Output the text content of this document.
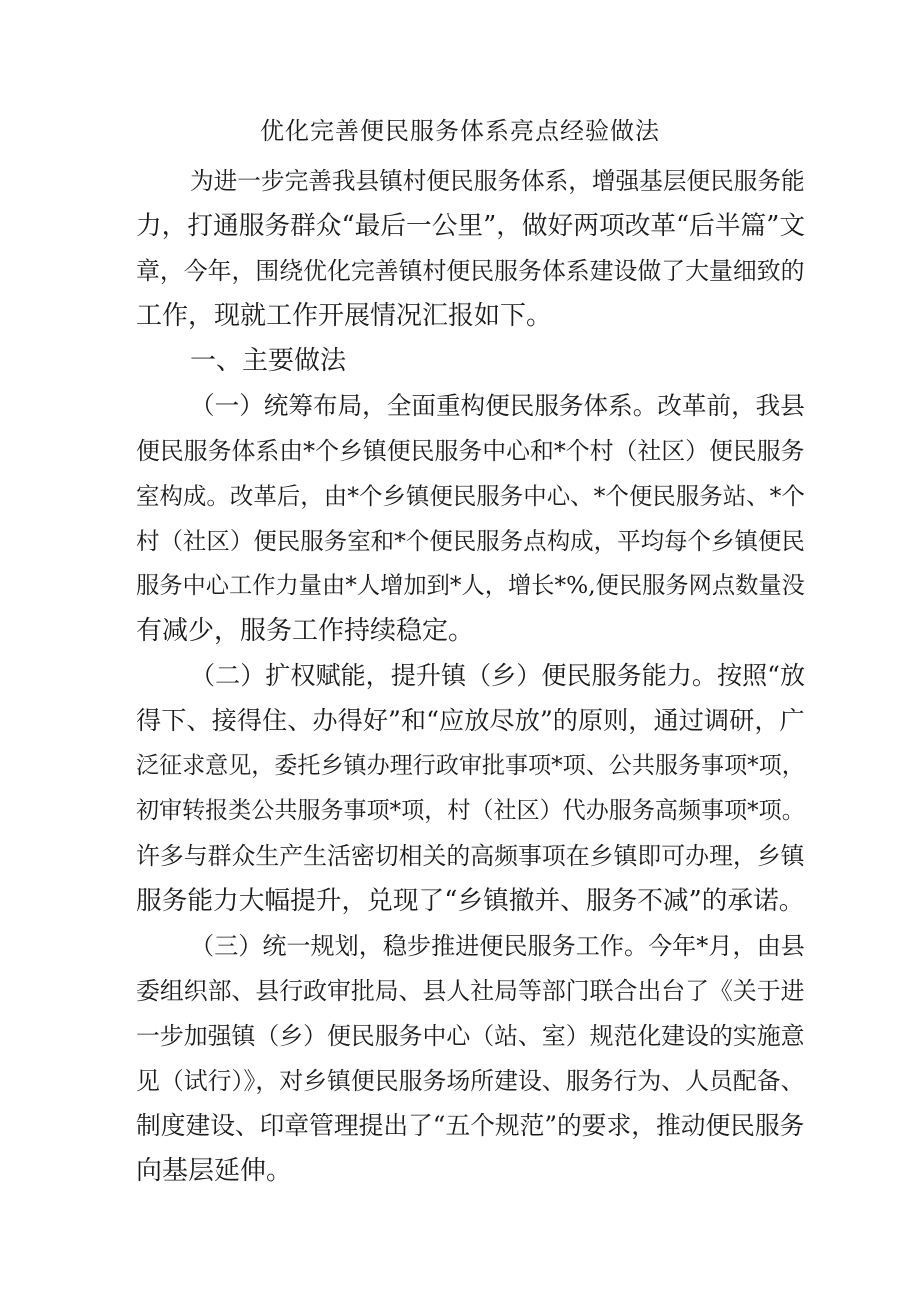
优化完善便民服务体系亮点经验做法
为进一步完善我县镇村便民服务体系，增强基层便民服务能
力，打通服务群众“最后一公里”，做好两项改革“后半篇”文
章，今年，围绕优化完善镇村便民服务体系建设做了大量细致的
工作，现就工作开展情况汇报如下。
一、主要做法
（一）统筹布局，全面重构便民服务体系。改革前，我县
便民服务体系由*个乡镇便民服务中心和*个村（社区）便民服务
室构成。改革后，由*个乡镇便民服务中心、*个便民服务站、*个
村（社区）便民服务室和*个便民服务点构成，平均每个乡镇便民
服务中心工作力量由*人增加到*人，增长*%,便民服务网点数量没
有减少，服务工作持续稳定。
（二）扩权赋能，提升镇（乡）便民服务能力。按照“放
得下、接得住、办得好”和“应放尽放”的原则，通过调研，广
泛征求意见，委托乡镇办理行政审批事项*项、公共服务事项*项，
初审转报类公共服务事项*项，村（社区）代办服务高频事项*项。
许多与群众生产生活密切相关的高频事项在乡镇即可办理，乡镇
服务能力大幅提升，兑现了“乡镇撤并、服务不减”的承诺。
（三）统一规划，稳步推进便民服务工作。今年*月，由县
委组织部、县行政审批局、县人社局等部门联合出台了《关于进
一步加强镇（乡）便民服务中心（站、室）规范化建设的实施意
见（试行）》，对乡镇便民服务场所建设、服务行为、人员配备、
制度建设、印章管理提出了“五个规范”的要求，推动便民服务
向基层延伸。
